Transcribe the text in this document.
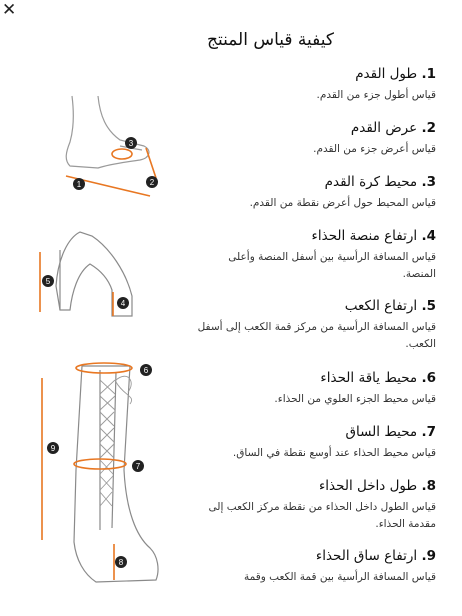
✕
كيفية قياس المنتج
1. طول القدم
قياس أطول جزء من القدم.
2. عرض القدم
قياس أعرض جزء من القدم.
3. محيط كرة القدم
قياس المحيط حول أعرض نقطة من القدم.
4. ارتفاع منصة الحذاء
قياس المسافة الرأسية بين أسفل المنصة وأعلى المنصة.
5. ارتفاع الكعب
قياس المسافة الرأسية من مركز قمة الكعب إلى أسفل الكعب.
6. محيط ياقة الحذاء
قياس محيط الجزء العلوي من الحذاء.
7. محيط الساق
قياس محيط الحذاء عند أوسع نقطة في الساق.
8. طول داخل الحذاء
قياس الطول داخل الحذاء من نقطة مركز الكعب إلى مقدمة الحذاء.
9. ارتفاع ساق الحذاء
قياس المسافة الرأسية بين قمة الكعب وقمة
1	2
3
4
5
6
7
8
9
